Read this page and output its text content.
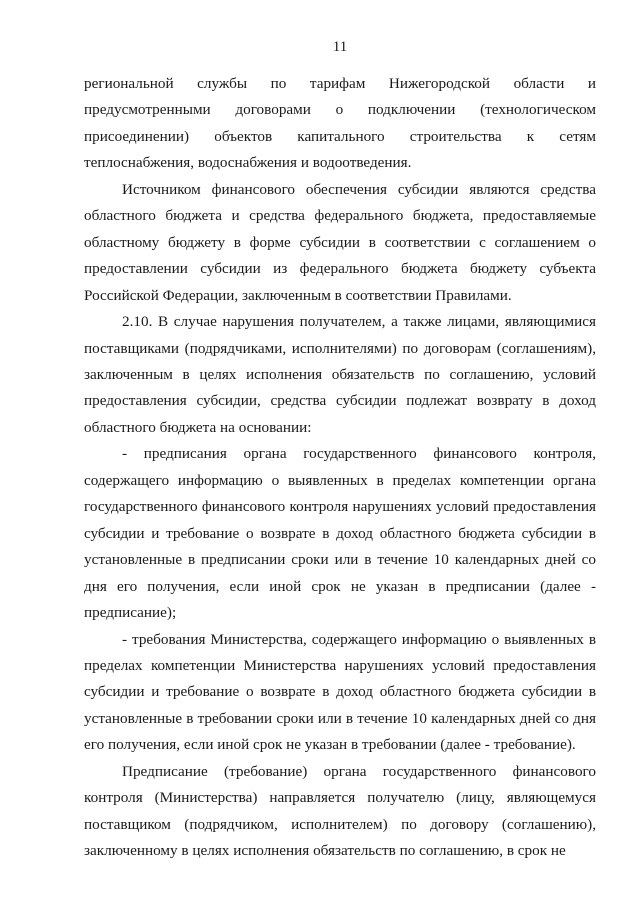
11

региональной службы по тарифам Нижегородской области и предусмотренными договорами о подключении (технологическом присоединении) объектов капитального строительства к сетям теплоснабжения, водоснабжения и водоотведения.

Источником финансового обеспечения субсидии являются средства областного бюджета и средства федерального бюджета, предоставляемые областному бюджету в форме субсидии в соответствии с соглашением о предоставлении субсидии из федерального бюджета бюджету субъекта Российской Федерации, заключенным в соответствии Правилами.

2.10. В случае нарушения получателем, а также лицами, являющимися поставщиками (подрядчиками, исполнителями) по договорам (соглашениям), заключенным в целях исполнения обязательств по соглашению, условий предоставления субсидии, средства субсидии подлежат возврату в доход областного бюджета на основании:

- предписания органа государственного финансового контроля, содержащего информацию о выявленных в пределах компетенции органа государственного финансового контроля нарушениях условий предоставления субсидии и требование о возврате в доход областного бюджета субсидии в установленные в предписании сроки или в течение 10 календарных дней со дня его получения, если иной срок не указан в предписании (далее - предписание);

- требования Министерства, содержащего информацию о выявленных в пределах компетенции Министерства нарушениях условий предоставления субсидии и требование о возврате в доход областного бюджета субсидии в установленные в требовании сроки или в течение 10 календарных дней со дня его получения, если иной срок не указан в требовании (далее - требование).

Предписание (требование) органа государственного финансового контроля (Министерства) направляется получателю (лицу, являющемуся поставщиком (подрядчиком, исполнителем) по договору (соглашению), заключенному в целях исполнения обязательств по соглашению, в срок не
